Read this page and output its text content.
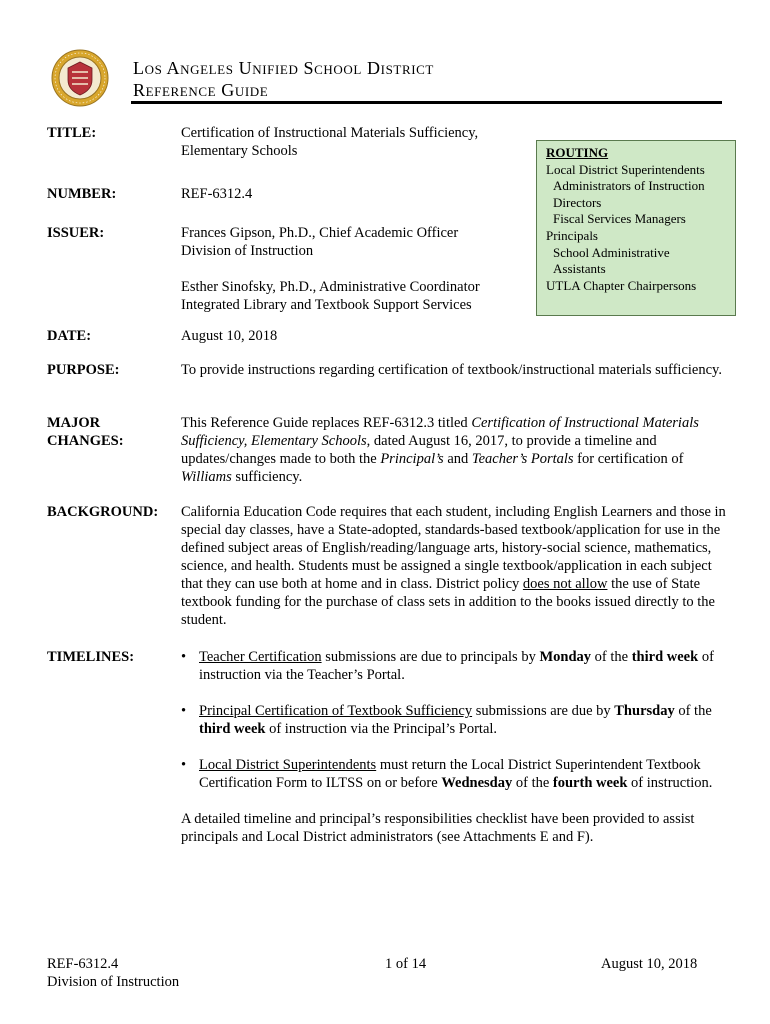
Los Angeles Unified School District
Reference Guide
TITLE:	Certification of Instructional Materials Sufficiency,

Elementary Schools	ROUTING
Local District Superintendents
Administrators of Instruction
Directors
Fiscal Services Managers
Principals
School Administrative
Assistants
UTLA Chapter Chairpersons
NUMBER:	REF-6312.4
ISSUER:	Frances Gipson, Ph.D., Chief Academic Officer

Division of Instruction

Esther Sinofsky, Ph.D., Administrative Coordinator

Integrated Library and Textbook Support Services

DATE:	August 10, 2018
PURPOSE:	To provide instructions regarding certification of textbook/instructional materials sufficiency.
MAJOR
CHANGES:
This Reference Guide replaces REF-6312.3 titled Certification of Instructional Materials Sufficiency, Elementary Schools, dated August 16, 2017, to provide a timeline and updates/changes made to both the Principal’s and Teacher’s Portals for certification of Williams sufficiency.
BACKGROUND: California Education Code requires that each student, including English Learners and those in special day classes, have a State-adopted, standards-based textbook/application for use in the defined subject areas of English/reading/language arts, history-social science, mathematics, science, and health. Students must be assigned a single textbook/application in each subject that they can use both at home and in class. District policy does not allow the use of State textbook funding for the purchase of class sets in addition to the books issued directly to the student.
TIMELINES:	• Teacher Certification submissions are due to principals by Monday of the third week of instruction via the Teacher’s Portal.
• Principal Certification of Textbook Sufficiency submissions are due by Thursday of the third week of instruction via the Principal’s Portal.
• Local District Superintendents must return the Local District Superintendent Textbook Certification Form to ILTSS on or before Wednesday of the fourth week of instruction.

A detailed timeline and principal’s responsibilities checklist have been provided to assist principals and Local District administrators (see Attachments E and F).

REF-6312.4
Division of Instruction
1 of 14	August 10, 2018
